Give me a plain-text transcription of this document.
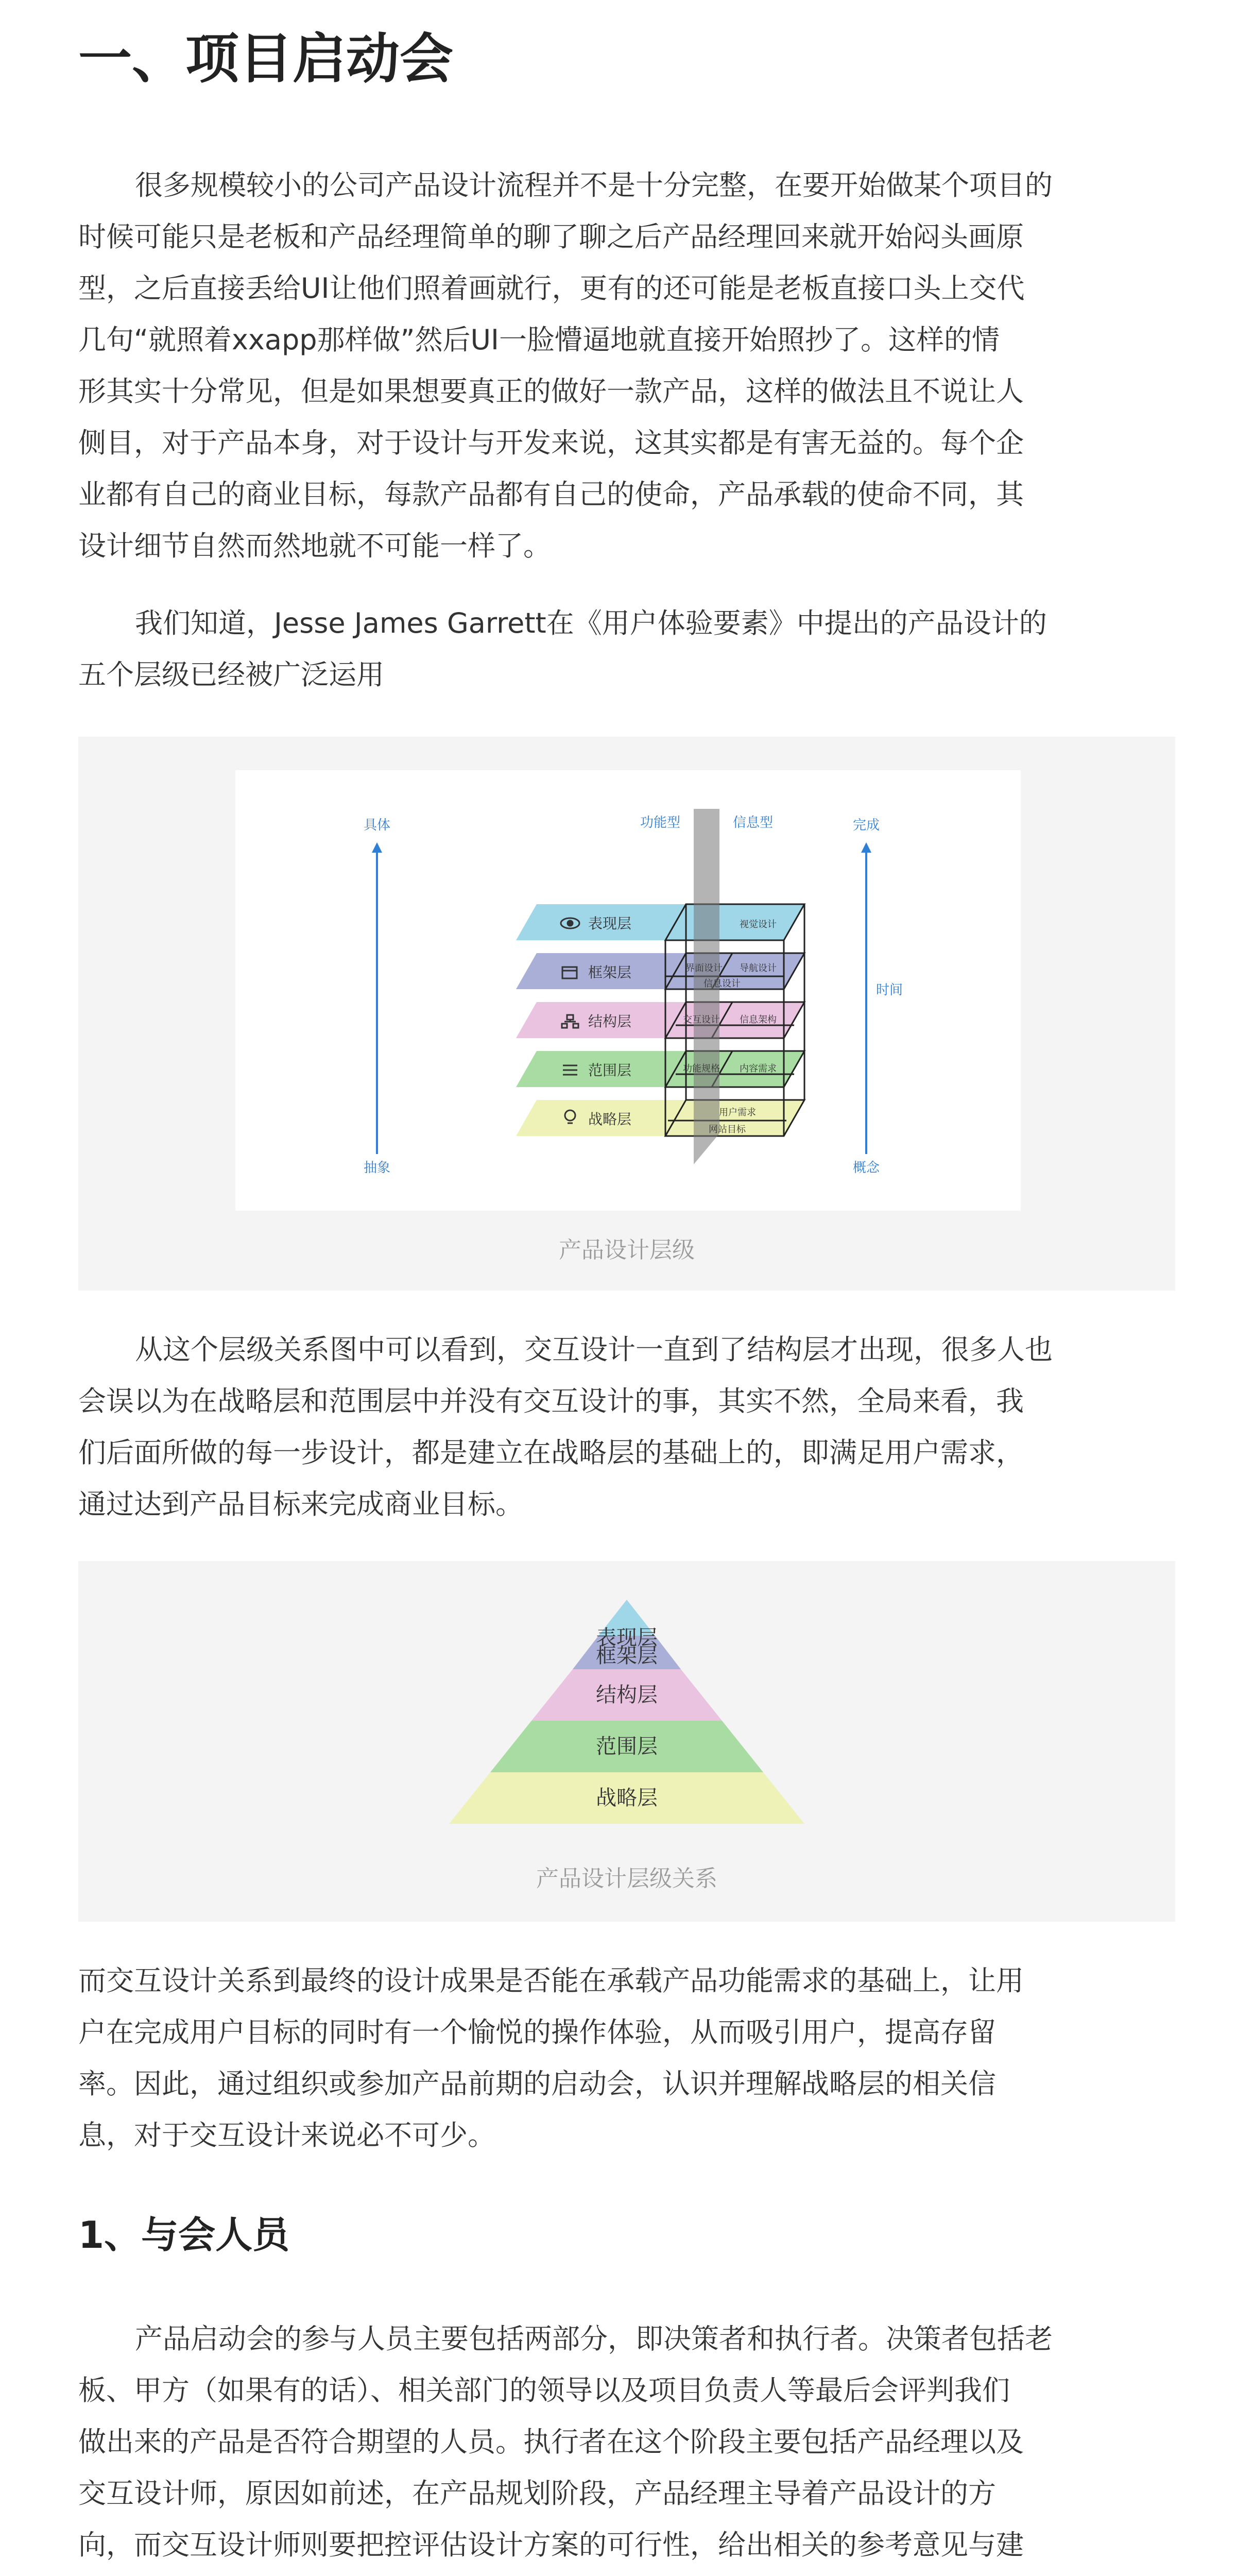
一、项目启动会
很多规模较小的公司产品设计流程并不是十分完整，在要开始做某个项目的
时候可能只是老板和产品经理简单的聊了聊之后产品经理回来就开始闷头画原
型，之后直接丢给UI让他们照着画就行，更有的还可能是老板直接口头上交代
几句“就照着xxapp那样做”然后UI一脸懵逼地就直接开始照抄了。这样的情
形其实十分常见，但是如果想要真正的做好一款产品，这样的做法且不说让人
侧目，对于产品本身，对于设计与开发来说，这其实都是有害无益的。每个企
业都有自己的商业目标，每款产品都有自己的使命，产品承载的使命不同，其
设计细节自然而然地就不可能一样了。
我们知道，Jesse James Garrett在《用户体验要素》中提出的产品设计的
五个层级已经被广泛运用
具体
抽象
完成
时间
概念
功能型	信息型
表现层
框架层
结构层
范围层
战略层
视觉设计
界面设计 导航设计
信息设计
交互设计 信息架构
功能规格 内容需求
用户需求
网站目标
产品设计层级
从这个层级关系图中可以看到，交互设计一直到了结构层才出现，很多人也
会误以为在战略层和范围层中并没有交互设计的事，其实不然，全局来看，我
们后面所做的每一步设计，都是建立在战略层的基础上的，即满足用户需求，
通过达到产品目标来完成商业目标。
表现层
框架层
结构层
范围层
战略层
产品设计层级关系
而交互设计关系到最终的设计成果是否能在承载产品功能需求的基础上，让用
户在完成用户目标的同时有一个愉悦的操作体验，从而吸引用户，提高存留
率。因此，通过组织或参加产品前期的启动会，认识并理解战略层的相关信
息，对于交互设计来说必不可少。
1、与会人员
产品启动会的参与人员主要包括两部分，即决策者和执行者。决策者包括老
板、甲方（如果有的话）、相关部门的领导以及项目负责人等最后会评判我们
做出来的产品是否符合期望的人员。执行者在这个阶段主要包括产品经理以及
交互设计师，原因如前述，在产品规划阶段，产品经理主导着产品设计的方
向，而交互设计师则要把控评估设计方案的可行性，给出相关的参考意见与建
